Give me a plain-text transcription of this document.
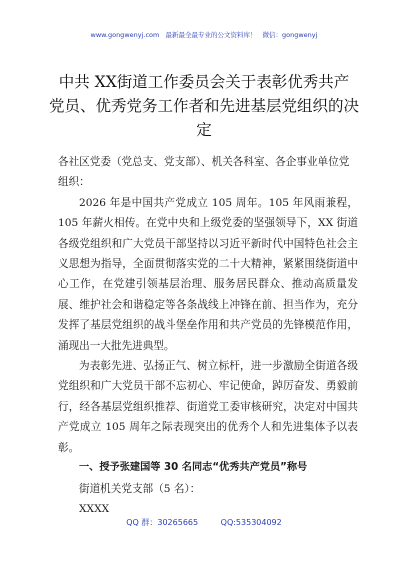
www.gongwenyj.com 最新最全最专业的公文资料库！ 微信：gongwenyj
中共 XX街道工作委员会关于表彰优秀共产
党员、优秀党务工作者和先进基层党组织的决
定

各社区党委（党总支、党支部）、机关各科室、各企事业单位党组织：

2026 年是中国共产党成立 105 周年。105 年风雨兼程，105 年薪火相传。在党中央和上级党委的坚强领导下，XX 街道各级党组织和广大党员干部坚持以习近平新时代中国特色社会主义思想为指导，全面贯彻落实党的二十大精神，紧紧围绕街道中心工作，在党建引领基层治理、服务居民群众、推动高质量发展、维护社会和谐稳定等各条战线上冲锋在前、担当作为，充分发挥了基层党组织的战斗堡垒作用和共产党员的先锋模范作用，涌现出一大批先进典型。

为表彰先进、弘扬正气、树立标杆，进一步激励全街道各级党组织和广大党员干部不忘初心、牢记使命，踔厉奋发、勇毅前行，经各基层党组织推荐、街道党工委审核研究，决定对中国共产党成立 105 周年之际表现突出的优秀个人和先进集体予以表彰。

一、授予张建国等 30 名同志“优秀共产党员”称号

街道机关党支部（5 名）：

XXXX

QQ 群：30265665	QQ:535304092
